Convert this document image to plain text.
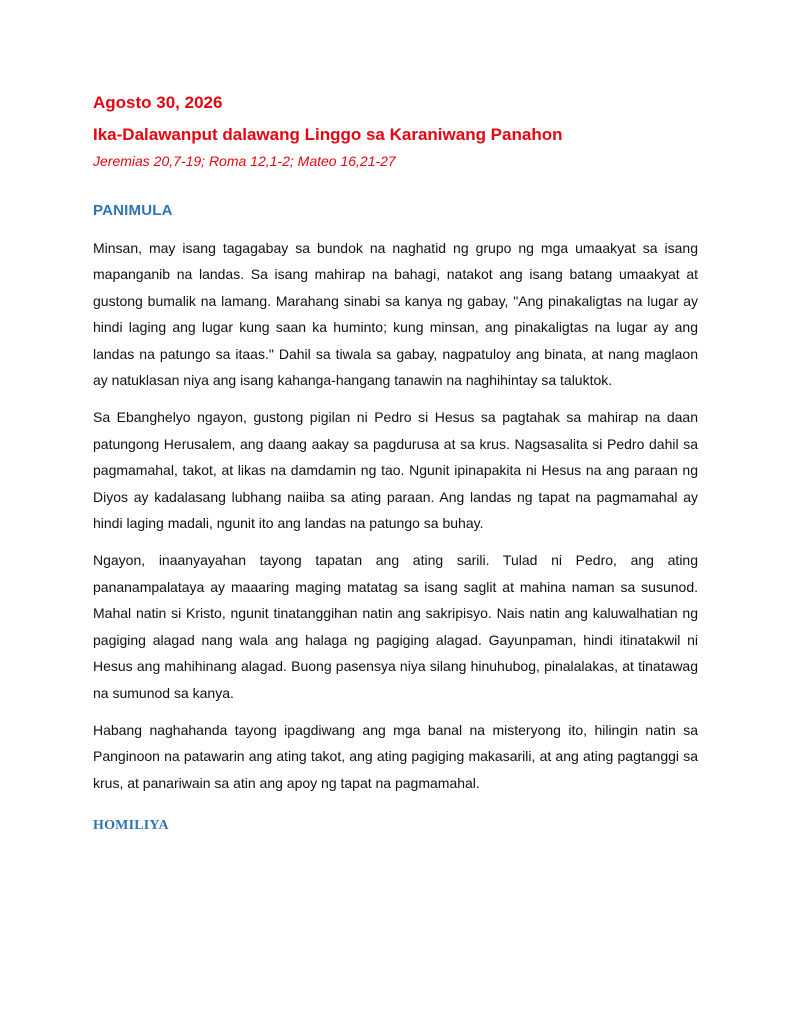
Agosto 30, 2026
Ika-Dalawanput dalawang Linggo sa Karaniwang Panahon

Jeremias 20,7-19; Roma 12,1-2; Mateo 16,21-27

PANIMULA

Minsan, may isang tagagabay sa bundok na naghatid ng grupo ng mga umaakyat sa isang mapanganib na landas. Sa isang mahirap na bahagi, natakot ang isang batang umaakyat at gustong bumalik na lamang. Marahang sinabi sa kanya ng gabay, "Ang pinakaligtas na lugar ay hindi laging ang lugar kung saan ka huminto; kung minsan, ang pinakaligtas na lugar ay ang landas na patungo sa itaas." Dahil sa tiwala sa gabay, nagpatuloy ang binata, at nang maglaon ay natuklasan niya ang isang kahanga-hangang tanawin na naghihintay sa taluktok.

Sa Ebanghelyo ngayon, gustong pigilan ni Pedro si Hesus sa pagtahak sa mahirap na daan patungong Herusalem, ang daang aakay sa pagdurusa at sa krus. Nagsasalita si Pedro dahil sa pagmamahal, takot, at likas na damdamin ng tao. Ngunit ipinapakita ni Hesus na ang paraan ng Diyos ay kadalasang lubhang naiiba sa ating paraan. Ang landas ng tapat na pagmamahal ay hindi laging madali, ngunit ito ang landas na patungo sa buhay.

Ngayon, inaanyayahan tayong tapatan ang ating sarili. Tulad ni Pedro, ang ating pananampalataya ay maaaring maging matatag sa isang saglit at mahina naman sa susunod. Mahal natin si Kristo, ngunit tinatanggihan natin ang sakripisyo. Nais natin ang kaluwalhatian ng pagiging alagad nang wala ang halaga ng pagiging alagad. Gayunpaman, hindi itinatakwil ni Hesus ang mahihinang alagad. Buong pasensya niya silang hinuhubog, pinalalakas, at tinatawag na sumunod sa kanya.

Habang naghahanda tayong ipagdiwang ang mga banal na misteryong ito, hilingin natin sa Panginoon na patawarin ang ating takot, ang ating pagiging makasarili, at ang ating pagtanggi sa krus, at panariwain sa atin ang apoy ng tapat na pagmamahal.

HOMILIYA
